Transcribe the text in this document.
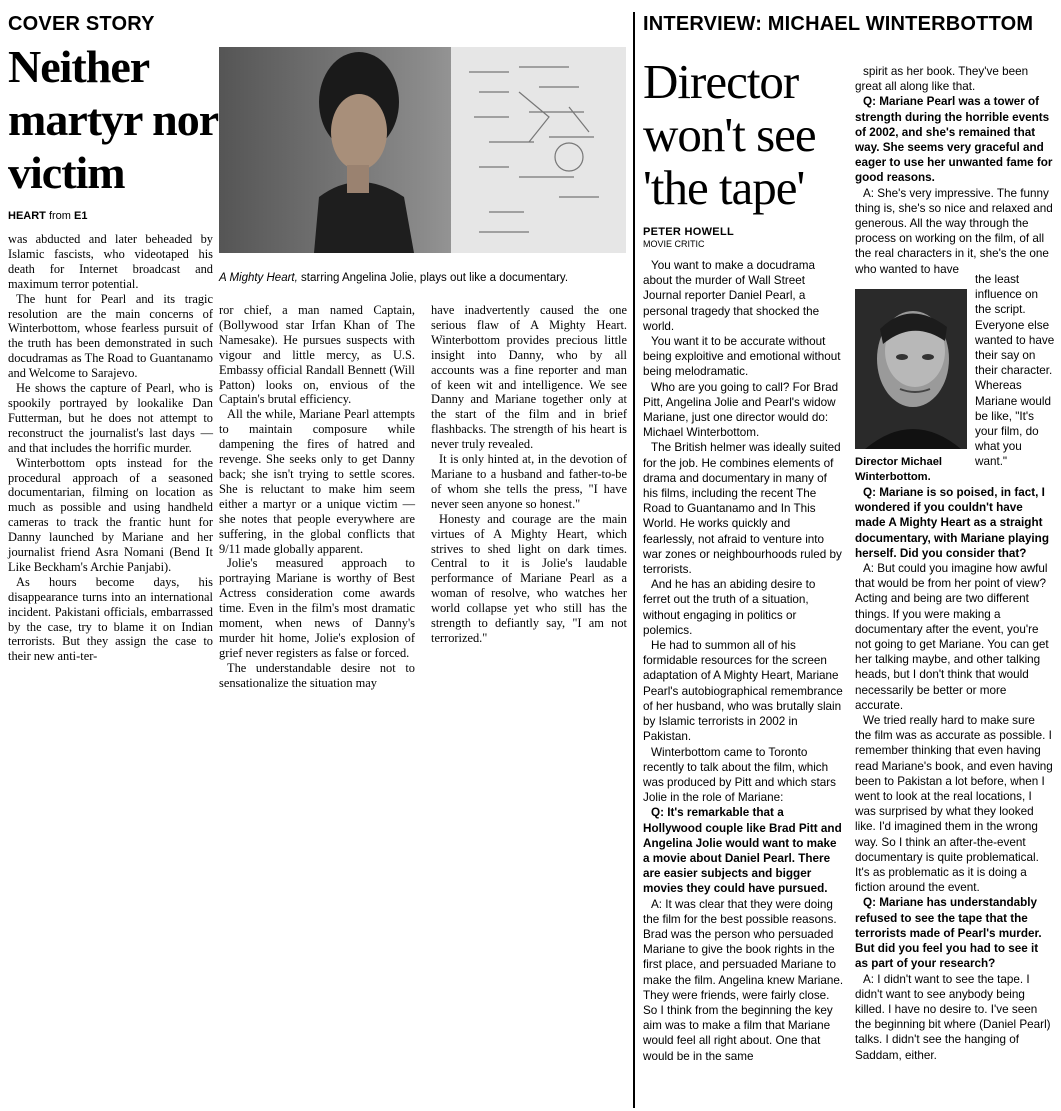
COVER STORY
Neither martyr nor victim
HEART from E1
A Mighty Heart, starring Angelina Jolie, plays out like a documentary.

was abducted and later beheaded by Islamic fascists, who videotaped his death for Internet broadcast and maximum terror potential.

The hunt for Pearl and its tragic resolution are the main concerns of Winterbottom, whose fearless pursuit of the truth has been demonstrated in such docudramas as The Road to Guantanamo and Welcome to Sarajevo.

He shows the capture of Pearl, who is spookily portrayed by lookalike Dan Futterman, but he does not attempt to reconstruct the journalist's last days — and that includes the horrific murder.

Winterbottom opts instead for the procedural approach of a seasoned documentarian, filming on location as much as possible and using handheld cameras to track the frantic hunt for Danny launched by Mariane and her journalist friend Asra Nomani (Bend It Like Beckham's Archie Panjabi).

As hours become days, his disappearance turns into an international incident. Pakistani officials, embarrassed by the case, try to blame it on Indian terrorists. But they assign the case to their new anti-ter-

ror chief, a man named Captain, (Bollywood star Irfan Khan of The Namesake). He pursues suspects with vigour and little mercy, as U.S. Embassy official Randall Bennett (Will Patton) looks on, envious of the Captain's brutal efficiency.

All the while, Mariane Pearl attempts to maintain composure while dampening the fires of hatred and revenge. She seeks only to get Danny back; she isn't trying to settle scores. She is reluctant to make him seem either a martyr or a unique victim — she notes that people everywhere are suffering, in the global conflicts that 9/11 made globally apparent.

Jolie's measured approach to portraying Mariane is worthy of Best Actress consideration come awards time. Even in the film's most dramatic moment, when news of Danny's murder hit home, Jolie's explosion of grief never registers as false or forced.

The understandable desire not to sensationalize the situation may

have inadvertently caused the one serious flaw of A Mighty Heart. Winterbottom provides precious little insight into Danny, who by all accounts was a fine reporter and man of keen wit and intelligence. We see Danny and Mariane together only at the start of the film and in brief flashbacks. The strength of his heart is never truly revealed.

It is only hinted at, in the devotion of Mariane to a husband and father-to-be of whom she tells the press, "I have never seen anyone so honest."

Honesty and courage are the main virtues of A Mighty Heart, which strives to shed light on dark times. Central to it is Jolie's laudable performance of Mariane Pearl as a woman of resolve, who watches her world collapse yet who still has the strength to defiantly say, "I am not terrorized."

INTERVIEW: MICHAEL WINTERBOTTOM
Director won't see 'the tape'
PETER HOWELL
MOVIE CRITIC

You want to make a docudrama about the murder of Wall Street Journal reporter Daniel Pearl, a personal tragedy that shocked the world.

You want it to be accurate without being exploitive and emotional without being melodramatic.

Who are you going to call? For Brad Pitt, Angelina Jolie and Pearl's widow Mariane, just one director would do: Michael Winterbottom.

The British helmer was ideally suited for the job. He combines elements of drama and documentary in many of his films, including the recent The Road to Guantanamo and In This World. He works quickly and fearlessly, not afraid to venture into war zones or neighbourhoods ruled by terrorists.

And he has an abiding desire to ferret out the truth of a situation, without engaging in politics or polemics.

He had to summon all of his formidable resources for the screen adaptation of A Mighty Heart, Mariane Pearl's autobiographical remembrance of her husband, who was brutally slain by Islamic terrorists in 2002 in Pakistan.

Winterbottom came to Toronto recently to talk about the film, which was produced by Pitt and which stars Jolie in the role of Mariane:

Q: It's remarkable that a Hollywood couple like Brad Pitt and Angelina Jolie would want to make a movie about Daniel Pearl. There are easier subjects and bigger movies they could have pursued.

A: It was clear that they were doing the film for the best possible reasons. Brad was the person who persuaded Mariane to give the book rights in the first place, and persuaded Mariane to make the film. Angelina knew Mariane. They were friends, were fairly close. So I think from the beginning the key aim was to make a film that Mariane would feel all right about. One that would be in the same

spirit as her book. They've been great all along like that.

Q: Mariane Pearl was a tower of strength during the horrible events of 2002, and she's remained that way. She seems very graceful and eager to use her unwanted fame for good reasons.

A: She's very impressive. The funny thing is, she's so nice and relaxed and generous. All the way through the process on working on the film, of all the real characters in it, she's the one who wanted to have

the least influence on the script. Everyone else wanted to have their say on their character. Whereas Mariane would be like, "It's your film, do what you want."

Director Michael Winterbottom.

Q: Mariane is so poised, in fact, I wondered if you couldn't have made A Mighty Heart as a straight documentary, with Mariane playing herself. Did you consider that?

A: But could you imagine how awful that would be from her point of view? Acting and being are two different things. If you were making a documentary after the event, you're not going to get Mariane. You can get her talking maybe, and other talking heads, but I don't think that would necessarily be better or more accurate.

We tried really hard to make sure the film was as accurate as possible. I remember thinking that even having read Mariane's book, and even having been to Pakistan a lot before, when I went to look at the real locations, I was surprised by what they looked like. I'd imagined them in the wrong way. So I think an after-the-event documentary is quite problematical. It's as problematic as it is doing a fiction around the event.

Q: Mariane has understandably refused to see the tape that the terrorists made of Pearl's murder. But did you feel you had to see it as part of your research?

A: I didn't want to see the tape. I didn't want to see anybody being killed. I have no desire to. I've seen the beginning bit where (Daniel Pearl) talks. I didn't see the hanging of Saddam, either.
